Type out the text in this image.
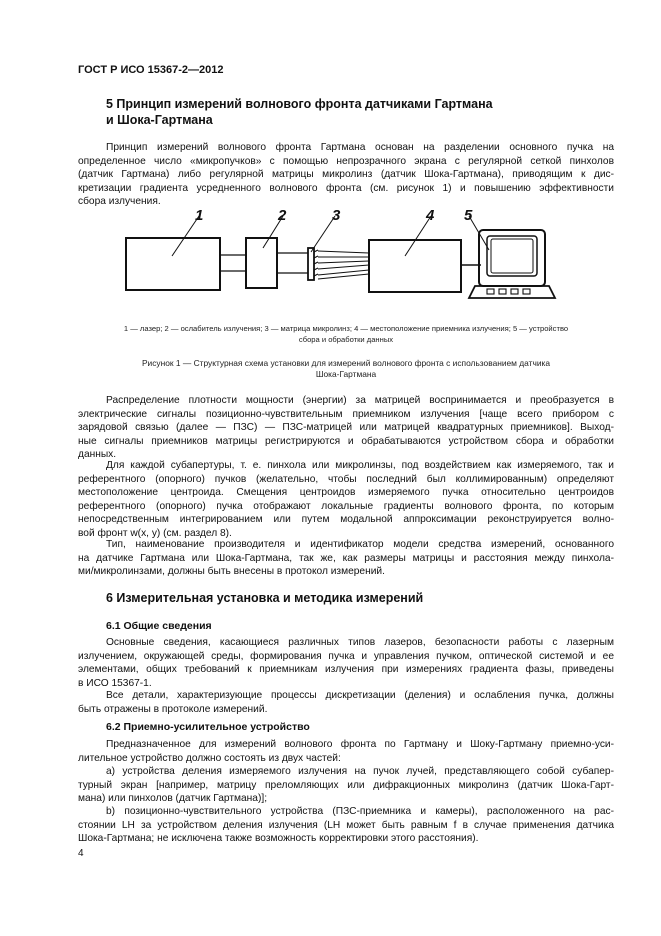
ГОСТ Р ИСО 15367-2—2012
5 Принцип измерений волнового фронта датчиками Гартмана
и Шока-Гартмана
Принцип измерений волнового фронта Гартмана основан на разделении основного пучка на
определенное число «микропучков» с помощью непрозрачного экрана с регулярной сеткой пинхолов
(датчик Гартмана) либо регулярной матрицы микролинз (датчик Шока-Гартмана), приводящим к дис-
кретизации градиента усредненного волнового фронта (см. рисунок 1) и повышению эффективности
сбора излучения.
1	2	3	4 5
1 — лазер; 2 — ослабитель излучения; 3 — матрица микролинз; 4 — местоположение приемника излучения; 5 — устройство
сбора и обработки данных
Рисунок 1 — Структурная схема установки для измерений волнового фронта с использованием датчика
Шока-Гартмана
Распределение плотности мощности (энергии) за матрицей воспринимается и преобразуется в
электрические сигналы позиционно-чувствительным приемником излучения [чаще всего прибором с
зарядовой связью (далее — ПЗС) — ПЗС-матрицей или матрицей квадратурных приемников]. Выход-
ные сигналы приемников матрицы регистрируются и обрабатываются устройством сбора и обработки
данных.
Для каждой субапертуры, т. е. пинхола или микролинзы, под воздействием как измеряемого, так и
референтного (опорного) пучков (желательно, чтобы последний был коллимированным) определяют
местоположение центроида. Смещения центроидов измеряемого пучка относительно центроидов
референтного (опорного) пучка отображают локальные градиенты волнового фронта, по которым
непосредственным интегрированием или путем модальной аппроксимации реконструируется волно-
вой фронт w(x, y) (см. раздел 8).
Тип, наименование производителя и идентификатор модели средства измерений, основанного
на датчике Гартмана или Шока-Гартмана, так же, как размеры матрицы и расстояния между пинхола-
ми/микролинзами, должны быть внесены в протокол измерений.
6 Измерительная установка и методика измерений
6.1 Общие сведения
Основные сведения, касающиеся различных типов лазеров, безопасности работы с лазерным
излучением, окружающей среды, формирования пучка и управления пучком, оптической системой и ее
элементами, общих требований к приемникам излучения при измерениях градиента фазы, приведены
в ИСО 15367-1.
Все детали, характеризующие процессы дискретизации (деления) и ослабления пучка, должны
быть отражены в протоколе измерений.
6.2 Приемно-усилительное устройство
Предназначенное для измерений волнового фронта по Гартману и Шоку-Гартману приемно-уси-
лительное устройство должно состоять из двух частей:
a) устройства деления измеряемого излучения на пучок лучей, представляющего собой субапер-
турный экран [например, матрицу преломляющих или дифракционных микролинз (датчик Шока-Гарт-
мана) или пинхолов (датчик Гартмана)];
b) позиционно-чувствительного устройства (ПЗС-приемника и камеры), расположенного на рас-
стоянии LH за устройством деления излучения (LH может быть равным f в случае применения датчика
Шока-Гартмана; не исключена также возможность корректировки этого расстояния).
4
